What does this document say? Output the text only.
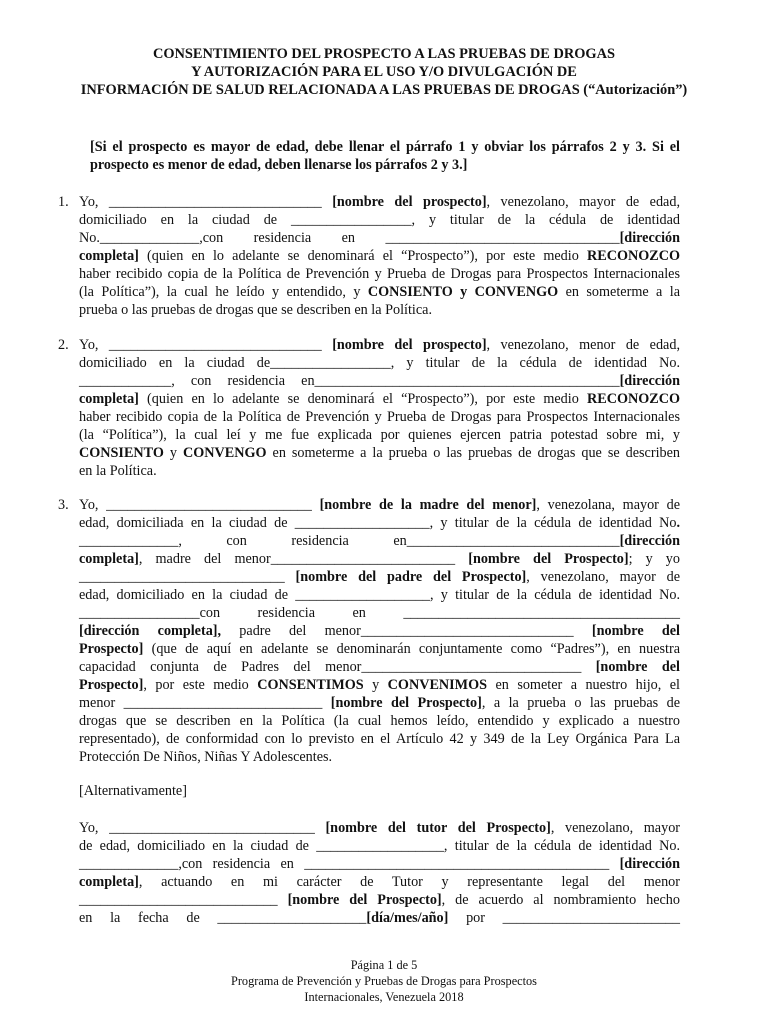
CONSENTIMIENTO DEL PROSPECTO A LAS PRUEBAS DE DROGAS
Y AUTORIZACIÓN PARA EL USO Y/O DIVULGACIÓN DE
INFORMACIÓN DE SALUD RELACIONADA A LAS PRUEBAS DE DROGAS (“Autorización”)
[Si el prospecto es mayor de edad, debe llenar el párrafo 1 y obviar los párrafos 2 y 3. Si el prospecto es menor de edad, deben llenarse los párrafos 2 y 3.]
1. Yo, ______________________________ [nombre del prospecto], venezolano, mayor de edad,
domiciliado en la ciudad de _________________, y titular de la cédula de identidad
No.______________,con residencia en _________________________________[dirección
completa] (quien en lo adelante se denominará el “Prospecto”), por este medio RECONOZCO
haber recibido copia de la Política de Prevención y Prueba de Drogas para Prospectos Internacionales
(la Política”), la cual he leído y entendido, y CONSIENTO y CONVENGO en someterme a la
prueba o las pruebas de drogas que se describen en la Política.
2. Yo, ______________________________ [nombre del prospecto], venezolano, menor de edad,
domiciliado en la ciudad de_________________, y titular de la cédula de identidad No.
_____________, con residencia en___________________________________________[dirección
completa] (quien en lo adelante se denominará el “Prospecto”), por este medio RECONOZCO
haber recibido copia de la Política de Prevención y Prueba de Drogas para Prospectos Internacionales
(la “Política”), la cual leí y me fue explicada por quienes ejercen patria potestad sobre mi, y
CONSIENTO y CONVENGO en someterme a la prueba o las pruebas de drogas que se describen
en la Política.
3. Yo, _____________________________ [nombre de la madre del menor], venezolana, mayor de
edad, domiciliada en la ciudad de ___________________, y titular de la cédula de identidad No.
______________, con residencia en______________________________[dirección
completa], madre del menor__________________________ [nombre del Prospecto]; y yo
_____________________________ [nombre del padre del Prospecto], venezolano, mayor de
edad, domiciliado en la ciudad de ___________________, y titular de la cédula de identidad No.
_________________con residencia en _______________________________________
[dirección completa], padre del menor______________________________ [nombre del
Prospecto] (que de aquí en adelante se denominarán conjuntamente como “Padres”), en nuestra
capacidad conjunta de Padres del menor_______________________________ [nombre del
Prospecto], por este medio CONSENTIMOS y CONVENIMOS en someter a nuestro hijo, el
menor ____________________________ [nombre del Prospecto], a la prueba o las pruebas de
drogas que se describen en la Política (la cual hemos leído, entendido y explicado a nuestro
representado), de conformidad con lo previsto en el Artículo 42 y 349 de la Ley Orgánica Para La
Protección De Niños, Niñas Y Adolescentes.
[Alternativamente]
Yo, _____________________________ [nombre del tutor del Prospecto], venezolano, mayor
de edad, domiciliado en la ciudad de __________________, titular de la cédula de identidad No.
______________,con residencia en ___________________________________________ [dirección
completa], actuando en mi carácter de Tutor y representante legal del menor
____________________________ [nombre del Prospecto], de acuerdo al nombramiento hecho
en la fecha de _____________________[día/mes/año] por _________________________
Página 1 de 5
Programa de Prevención y Pruebas de Drogas para Prospectos
Internacionales, Venezuela 2018
